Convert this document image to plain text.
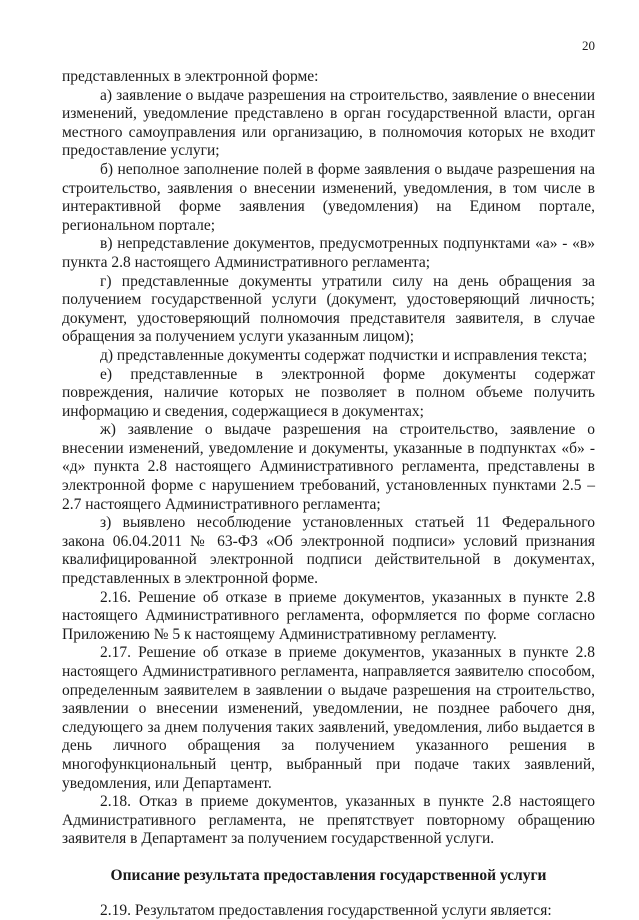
20

представленных в электронной форме:

а) заявление о выдаче разрешения на строительство, заявление о внесении изменений, уведомление представлено в орган государственной власти, орган местного самоуправления или организацию, в полномочия которых не входит предоставление услуги;

б) неполное заполнение полей в форме заявления о выдаче разрешения на строительство, заявления о внесении изменений, уведомления, в том числе в интерактивной форме заявления (уведомления) на Едином портале, региональном портале;

в) непредставление документов, предусмотренных подпунктами «а» - «в» пункта 2.8 настоящего Административного регламента;

г) представленные документы утратили силу на день обращения за получением государственной услуги (документ, удостоверяющий личность; документ, удостоверяющий полномочия представителя заявителя, в случае обращения за получением услуги указанным лицом);

д) представленные документы содержат подчистки и исправления текста;

е) представленные в электронной форме документы содержат повреждения, наличие которых не позволяет в полном объеме получить информацию и сведения, содержащиеся в документах;

ж) заявление о выдаче разрешения на строительство, заявление о внесении изменений, уведомление и документы, указанные в подпунктах «б» - «д» пункта 2.8 настоящего Административного регламента, представлены в электронной форме с нарушением требований, установленных пунктами 2.5 – 2.7 настоящего Административного регламента;

з) выявлено несоблюдение установленных статьей 11 Федерального закона 06.04.2011 № 63-ФЗ «Об электронной подписи» условий признания квалифицированной электронной подписи действительной в документах, представленных в электронной форме.

2.16. Решение об отказе в приеме документов, указанных в пункте 2.8 настоящего Административного регламента, оформляется по форме согласно Приложению № 5 к настоящему Административному регламенту.

2.17. Решение об отказе в приеме документов, указанных в пункте 2.8 настоящего Административного регламента, направляется заявителю способом, определенным заявителем в заявлении о выдаче разрешения на строительство, заявлении о внесении изменений, уведомлении, не позднее рабочего дня, следующего за днем получения таких заявлений, уведомления, либо выдается в день личного обращения за получением указанного решения в многофункциональный центр, выбранный при подаче таких заявлений, уведомления, или Департамент.

2.18. Отказ в приеме документов, указанных в пункте 2.8 настоящего Административного регламента, не препятствует повторному обращению заявителя в Департамент за получением государственной услуги.

Описание результата предоставления государственной услуги

2.19. Результатом предоставления государственной услуги является:
